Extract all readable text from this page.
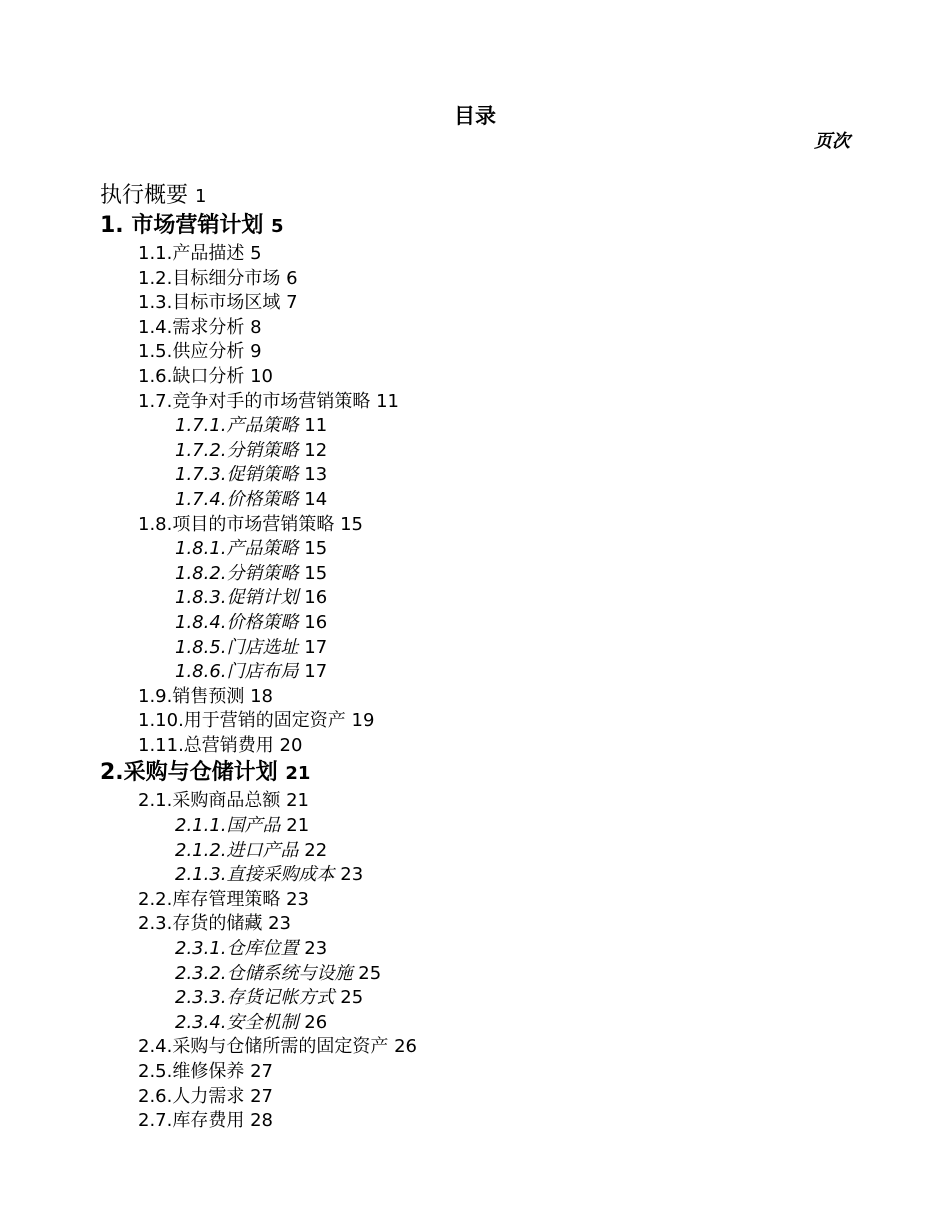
目录
页次
执行概要 1
1. 市场营销计划 5
1.1.产品描述 5
1.2.目标细分市场 6
1.3.目标市场区域 7
1.4.需求分析 8
1.5.供应分析 9
1.6.缺口分析 10
1.7.竞争对手的市场营销策略 11
1.7.1.产品策略 11
1.7.2.分销策略 12
1.7.3.促销策略 13
1.7.4.价格策略 14
1.8.项目的市场营销策略 15
1.8.1.产品策略 15
1.8.2.分销策略 15
1.8.3.促销计划 16
1.8.4.价格策略 16
1.8.5.门店选址 17
1.8.6.门店布局 17
1.9.销售预测 18
1.10.用于营销的固定资产 19
1.11.总营销费用 20
2.采购与仓储计划 21
2.1.采购商品总额 21
2.1.1.国产品 21
2.1.2.进口产品 22
2.1.3.直接采购成本 23
2.2.库存管理策略 23
2.3.存货的储藏 23
2.3.1.仓库位置 23
2.3.2.仓储系统与设施 25
2.3.3.存货记帐方式 25
2.3.4.安全机制 26
2.4.采购与仓储所需的固定资产 26
2.5.维修保养 27
2.6.人力需求 27
2.7.库存费用 28
